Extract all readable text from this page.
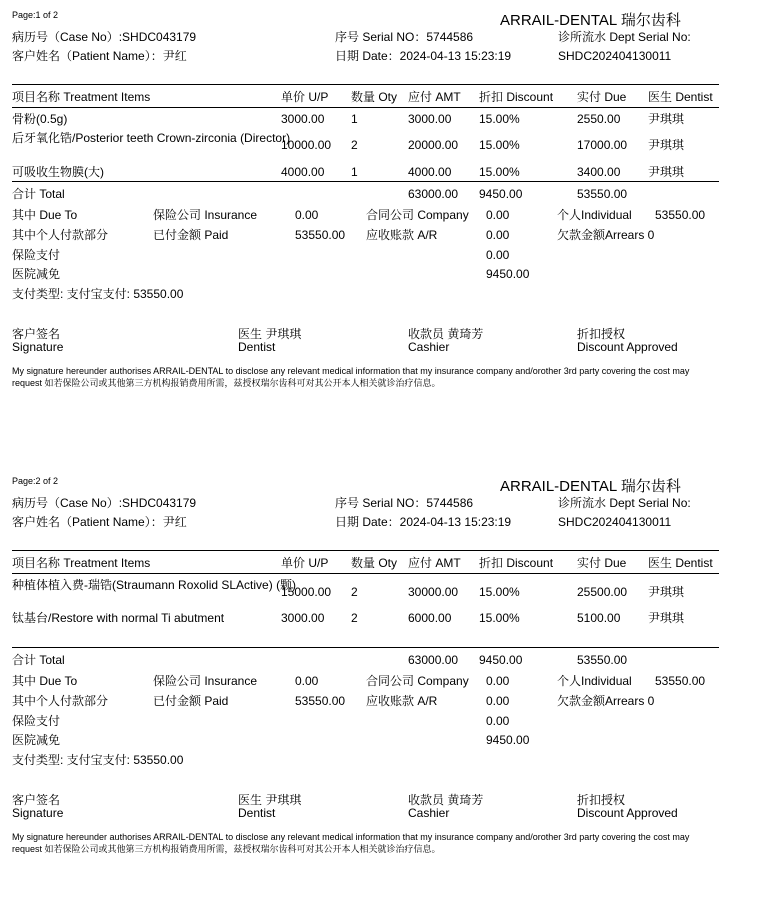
Page:1 of 2	ARRAIL-DENTAL 瑞尔齿科
病历号（Case No）:SHDC043179	序号 Serial NO：5744586	诊所流水 Dept Serial No:
客户姓名（Patient Name）：尹红	日期 Date：2024-04-13 15:23:19	SHDC202404130011
项目名称 Treatment Items	单价 U/P 数量 Oty 应付 AMT 折扣 Discount 实付 Due 医生 Dentist
骨粉(0.5g)	3000.00 1	3000.00 15.00%	2550.00 尹琪琪
后牙氧化锆/Posterior teeth Crown-zirconia (Director)
10000.00 2	20000.00 15.00%	17000.00 尹琪琪
可吸收生物膜(大)	4000.00 1	4000.00 15.00%	3400.00 尹琪琪
合计 Total	63000.00 9450.00	53550.00
其中 Due To	保险公司 Insurance	0.00	合同公司 Company 0.00	个人Individual 53550.00
其中个人付款部分	已付金额 Paid	53550.00 应收账款 A/R	0.00	欠款金额Arrears 0
保险支付	0.00
医院减免	9450.00
支付类型: 支付宝支付: 53550.00
客户签名
Signature
医生 尹琪琪
Dentist
收款员 黄琦芳
Cashier
折扣授权
Discount Approved
My signature hereunder authorises ARRAIL-DENTAL to disclose any relevant medical information that my insurance company and/orother 3rd party covering the cost may request 如若保险公司或其他第三方机构报销费用所需，兹授权瑞尔齿科可对其公开本人相关就诊治疗信息。
Page:2 of 2	ARRAIL-DENTAL 瑞尔齿科
病历号（Case No）:SHDC043179	序号 Serial NO：5744586	诊所流水 Dept Serial No:
客户姓名（Patient Name）：尹红	日期 Date：2024-04-13 15:23:19	SHDC202404130011
项目名称 Treatment Items	单价 U/P 数量 Oty 应付 AMT 折扣 Discount 实付 Due 医生 Dentist
种植体植入费-瑞锆(Straumann Roxolid SLActive) (颗)
15000.00 2	30000.00 15.00%	25500.00 尹琪琪
钛基台/Restore with normal Ti abutment	3000.00 2	6000.00 15.00%	5100.00 尹琪琪
合计 Total	63000.00 9450.00	53550.00
其中 Due To	保险公司 Insurance	0.00	合同公司 Company 0.00	个人Individual 53550.00
其中个人付款部分	已付金额 Paid	53550.00 应收账款 A/R	0.00	欠款金额Arrears 0
保险支付	0.00
医院减免	9450.00
支付类型: 支付宝支付: 53550.00
客户签名
Signature
医生 尹琪琪
Dentist
收款员 黄琦芳
Cashier
折扣授权
Discount Approved
My signature hereunder authorises ARRAIL-DENTAL to disclose any relevant medical information that my insurance company and/orother 3rd party covering the cost may request 如若保险公司或其他第三方机构报销费用所需，兹授权瑞尔齿科可对其公开本人相关就诊治疗信息。
